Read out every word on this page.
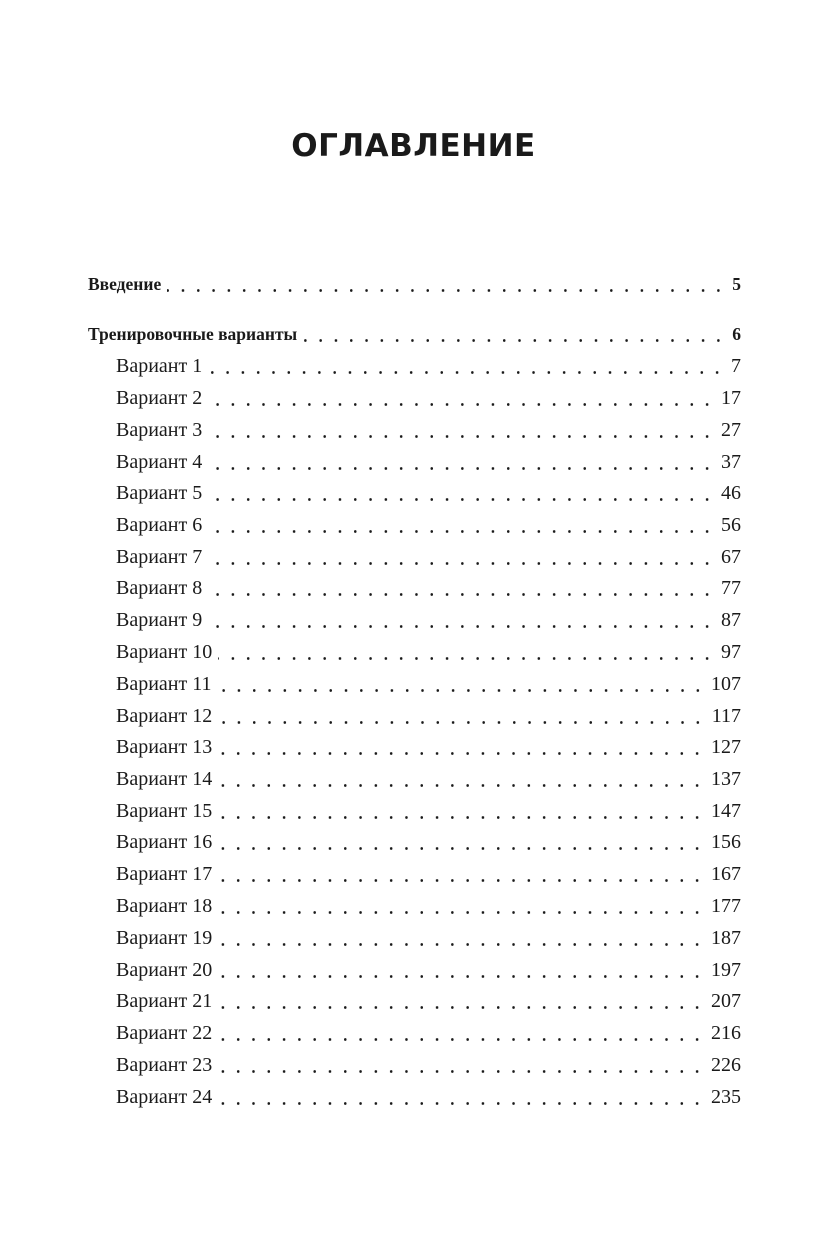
ОГЛАВЛЕНИЕ
Введение	5
Тренировочные варианты	6
Вариант 1	7
Вариант 2	17
Вариант 3	27
Вариант 4	37
Вариант 5	46
Вариант 6	56
Вариант 7	67
Вариант 8	77
Вариант 9	87
Вариант 10	97
Вариант 11	107
Вариант 12	117
Вариант 13	127
Вариант 14	137
Вариант 15	147
Вариант 16	156
Вариант 17	167
Вариант 18	177
Вариант 19	187
Вариант 20	197
Вариант 21	207
Вариант 22	216
Вариант 23	226
Вариант 24	235
